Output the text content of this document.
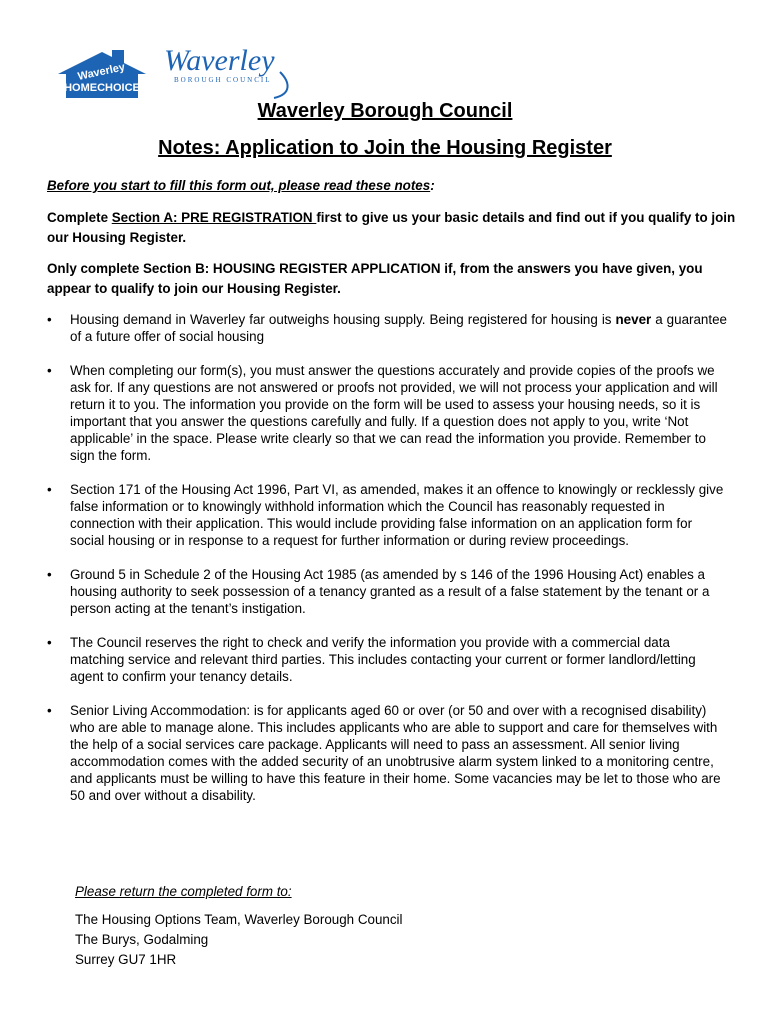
Waverley
HOMECHOICE
Waverley
BOROUGH COUNCIL
Waverley Borough Council
Notes: Application to Join the Housing Register
Before you start to fill this form out, please read these notes:
Complete Section A: PRE REGISTRATION first to give us your basic details and find out if you qualify to join our Housing Register.
Only complete Section B: HOUSING REGISTER APPLICATION if, from the answers you have given, you appear to qualify to join our Housing Register.
• Housing demand in Waverley far outweighs housing supply. Being registered for housing is never a guarantee of a future offer of social housing
• When completing our form(s), you must answer the questions accurately and provide copies of the proofs we ask for. If any questions are not answered or proofs not provided, we will not process your application and will return it to you. The information you provide on the form will be used to assess your housing needs, so it is important that you answer the questions carefully and fully. If a question does not apply to you, write ‘Not applicable’ in the space. Please write clearly so that we can read the information you provide. Remember to sign the form.
• Section 171 of the Housing Act 1996, Part VI, as amended, makes it an offence to knowingly or recklessly give false information or to knowingly withhold information which the Council has reasonably requested in connection with their application. This would include providing false information on an application form for social housing or in response to a request for further information or during review proceedings.
• Ground 5 in Schedule 2 of the Housing Act 1985 (as amended by s 146 of the 1996 Housing Act) enables a housing authority to seek possession of a tenancy granted as a result of a false statement by the tenant or a person acting at the tenant’s instigation.
• The Council reserves the right to check and verify the information you provide with a commercial data matching service and relevant third parties. This includes contacting your current or former landlord/letting agent to confirm your tenancy details.
• Senior Living Accommodation: is for applicants aged 60 or over (or 50 and over with a recognised disability) who are able to manage alone. This includes applicants who are able to support and care for themselves with the help of a social services care package. Applicants will need to pass an assessment. All senior living accommodation comes with the added security of an unobtrusive alarm system linked to a monitoring centre, and applicants must be willing to have this feature in their home. Some vacancies may be let to those who are 50 and over without a disability.
Please return the completed form to:
The Housing Options Team, Waverley Borough Council
The Burys, Godalming
Surrey GU7 1HR
